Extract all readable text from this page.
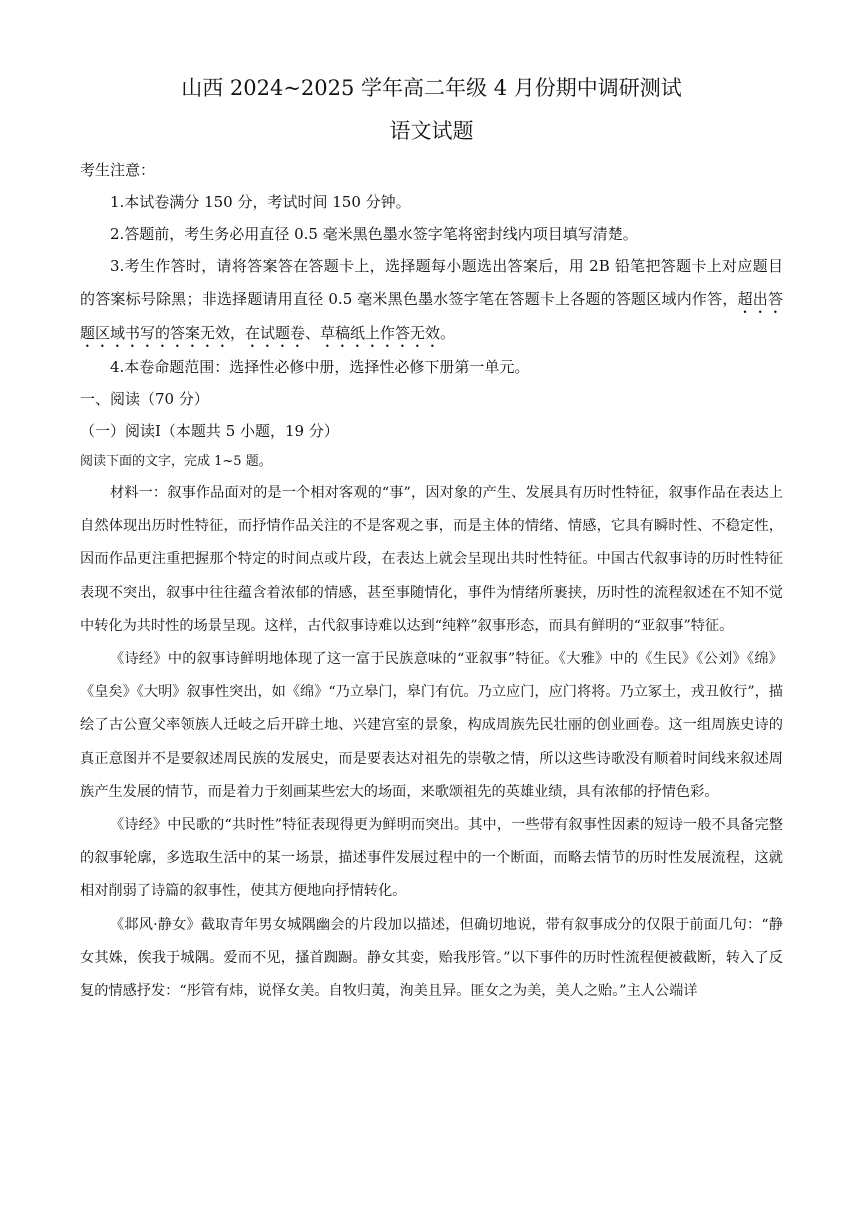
山西 2024~2025 学年高二年级 4 月份期中调研测试
语文试题

考生注意：

1.本试卷满分 150 分，考试时间 150 分钟。

2.答题前，考生务必用直径 0.5 毫米黑色墨水签字笔将密封线内项目填写清楚。

3.考生作答时，请将答案答在答题卡上，选择题每小题选出答案后，用 2B 铅笔把答题卡上对应题目的答案标号除黑；非选择题请用直径 0.5 毫米黑色墨水签字笔在答题卡上各题的答题区域内作答，超出答题区域书写的答案无效，在试题卷、草稿纸上作答无效。

4.本卷命题范围：选择性必修中册，选择性必修下册第一单元。

一、阅读（70 分）

（一）阅读Ⅰ（本题共 5 小题，19 分）

阅读下面的文字，完成 1~5 题。

材料一：叙事作品面对的是一个相对客观的“事”，因对象的产生、发展具有历时性特征，叙事作品在表达上自然体现出历时性特征，而抒情作品关注的不是客观之事，而是主体的情绪、情感，它具有瞬时性、不稳定性，因而作品更注重把握那个特定的时间点或片段，在表达上就会呈现出共时性特征。中国古代叙事诗的历时性特征表现不突出，叙事中往往蕴含着浓郁的情感，甚至事随情化，事件为情绪所裹挟，历时性的流程叙述在不知不觉中转化为共时性的场景呈现。这样，古代叙事诗难以达到“纯粹”叙事形态，而具有鲜明的“亚叙事”特征。

《诗经》中的叙事诗鲜明地体现了这一富于民族意味的“亚叙事”特征。《大雅》中的《生民》《公刘》《绵》《皇矣》《大明》叙事性突出，如《绵》“乃立皋门，皋门有伉。乃立应门，应门将将。乃立冢土，戎丑攸行”，描绘了古公亶父率领族人迁岐之后开辟土地、兴建宫室的景象，构成周族先民壮丽的创业画卷。这一组周族史诗的真正意图并不是要叙述周民族的发展史，而是要表达对祖先的崇敬之情，所以这些诗歌没有顺着时间线来叙述周族产生发展的情节，而是着力于刻画某些宏大的场面，来歌颂祖先的英雄业绩，具有浓郁的抒情色彩。

《诗经》中民歌的“共时性”特征表现得更为鲜明而突出。其中，一些带有叙事性因素的短诗一般不具备完整的叙事轮廓，多选取生活中的某一场景，描述事件发展过程中的一个断面，而略去情节的历时性发展流程，这就相对削弱了诗篇的叙事性，使其方便地向抒情转化。

《邶风·静女》截取青年男女城隅幽会的片段加以描述，但确切地说，带有叙事成分的仅限于前面几句：“静女其姝，俟我于城隅。爱而不见，搔首踟蹰。静女其娈，贻我彤管。”以下事件的历时性流程便被截断，转入了反复的情感抒发：“彤管有炜，说怿女美。自牧归荑，洵美且异。匪女之为美，美人之贻。”主人公端详
